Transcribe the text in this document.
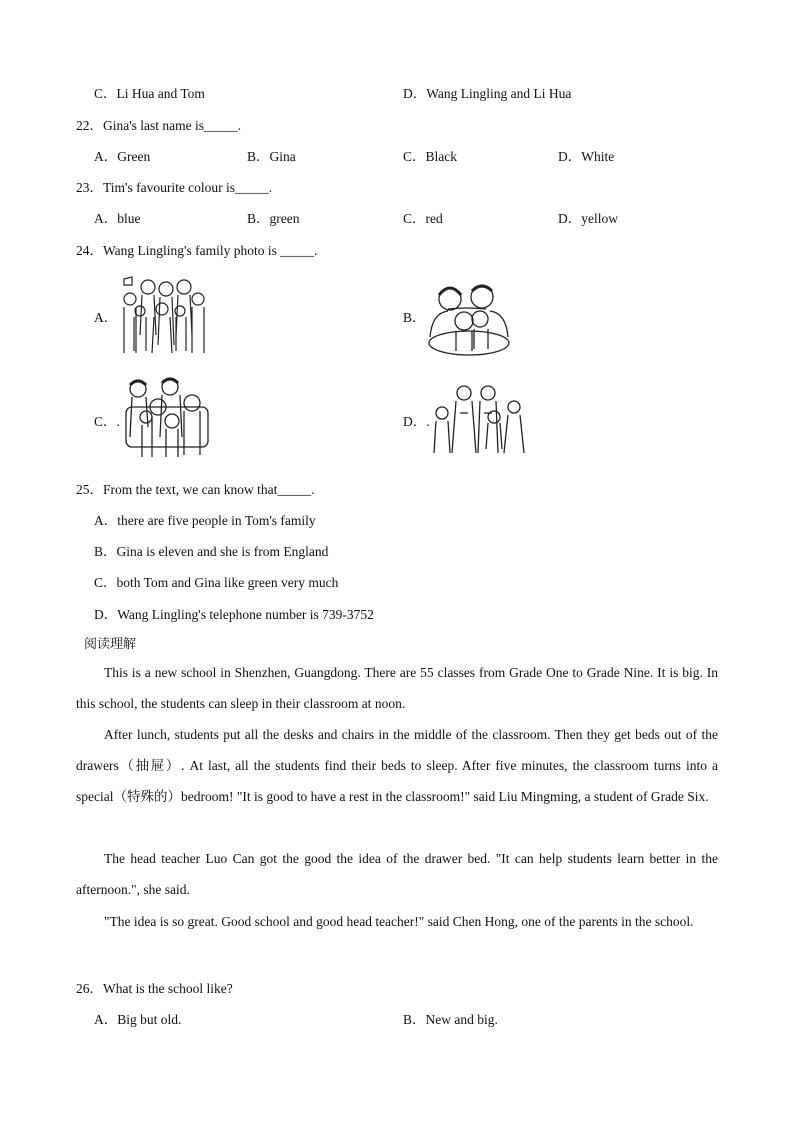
C．Li Hua and Tom	D．Wang Lingling and Li Hua
22．Gina's last name is_____.
A．Green	B．Gina	C．Black	D．White
23．Tim's favourite colour is_____.
A．blue	B．green	C．red	D．yellow
24．Wang Lingling's family photo is _____.
A．	B．
C．.	D．.
25．From the text, we can know that_____.
A．there are five people in Tom's family
B．Gina is eleven and she is from England
C．both Tom and Gina like green very much
D．Wang Lingling's telephone number is 739-3752
阅读理解
This is a new school in Shenzhen, Guangdong. There are 55 classes from Grade One to Grade Nine. It is big. In this school, the students can sleep in their classroom at noon.
After lunch, students put all the desks and chairs in the middle of the classroom. Then they get beds out of the drawers（抽屉）. At last, all the students find their beds to sleep. After five minutes, the classroom turns into a special（特殊的）bedroom! "It is good to have a rest in the classroom!" said Liu Mingming, a student of Grade Six.
The head teacher Luo Can got the good the idea of the drawer bed. "It can help students learn better in the afternoon.", she said.
"The idea is so great. Good school and good head teacher!" said Chen Hong, one of the parents in the school.
26．What is the school like?
A．Big but old.	B．New and big.
